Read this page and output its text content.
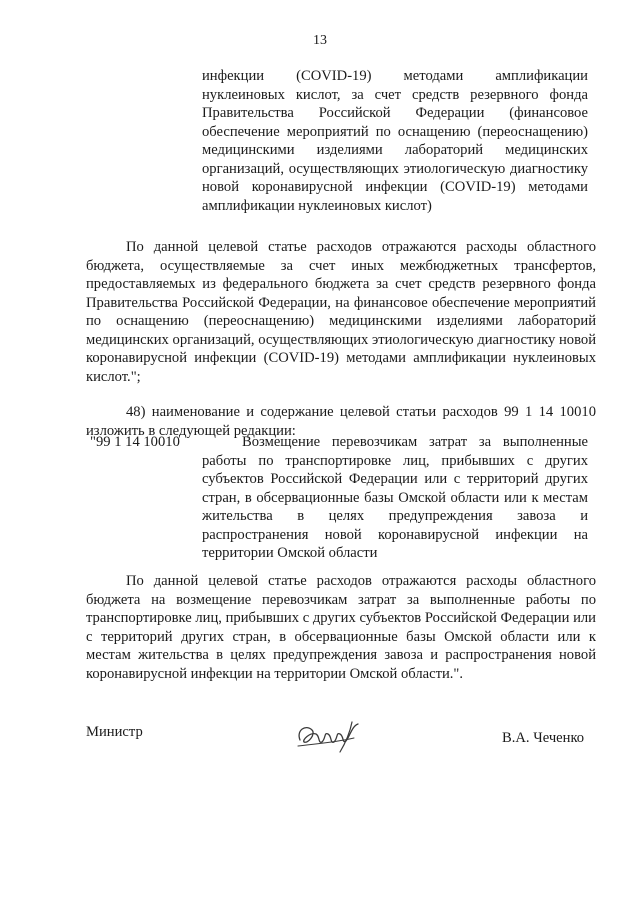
13
инфекции (COVID-19) методами амплификации нуклеиновых кислот, за счет средств резервного фонда Правительства Российской Федерации (финансовое обеспечение мероприятий по оснащению (переоснащению) медицинскими изделиями лабораторий медицинских организаций, осуществляющих этиологическую диагностику новой коронавирусной инфекции (COVID-19) методами амплификации нуклеиновых кислот)
По данной целевой статье расходов отражаются расходы областного бюджета, осуществляемые за счет иных межбюджетных трансфертов, предоставляемых из федерального бюджета за счет средств резервного фонда Правительства Российской Федерации, на финансовое обеспечение мероприятий по оснащению (переоснащению) медицинскими изделиями лабораторий медицинских организаций, осуществляющих этиологическую диагностику новой коронавирусной инфекции (COVID-19) методами амплификации нуклеиновых кислот.";
48) наименование и содержание целевой статьи расходов 99 1 14 10010 изложить в следующей редакции:
"99 1 14 10010	Возмещение перевозчикам затрат за выполненные работы по транспортировке лиц, прибывших с других субъектов Российской Федерации или с территорий других стран, в обсервационные базы Омской области или к местам жительства в целях предупреждения завоза и распространения новой коронавирусной инфекции на территории Омской области
По данной целевой статье расходов отражаются расходы областного бюджета на возмещение перевозчикам затрат за выполненные работы по транспортировке лиц, прибывших с других субъектов Российской Федерации или с территорий других стран, в обсервационные базы Омской области или к местам жительства в целях предупреждения завоза и распространения новой коронавирусной инфекции на территории Омской области.".
Министр	В.А. Чеченко
